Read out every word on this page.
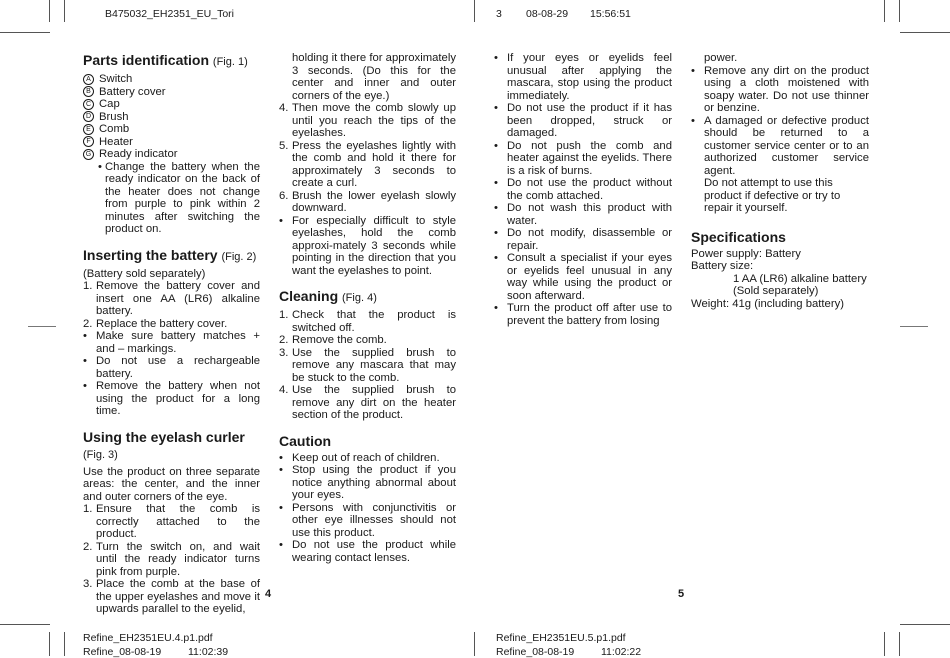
B475032_EH2351_EU_Tori	3 08-08-29 15:56:51
Parts identification (Fig. 1)
A Switch
B Battery cover
C Cap
D Brush
E Comb
F Heater
G Ready indicator

• Change the battery when the ready indicator on the back of the heater does not change from purple to pink within 2 minutes after switching the product on.

Inserting the battery (Fig. 2)

(Battery sold separately)

1. Remove the battery cover and insert one AA (LR6) alkaline battery.

2. Replace the battery cover.

• Make sure battery matches + and – markings.

• Do not use a rechargeable battery.

• Remove the battery when not using the product for a long time.

Using the eyelash curler
(Fig. 3)

Use the product on three separate areas: the center, and the inner and outer corners of the eye.

1. Ensure that the comb is correctly attached to the product.

2. Turn the switch on, and wait until the ready indicator turns pink from purple.

3. Place the comb at the base of the upper eyelashes and move it upwards parallel to the eyelid,

holding it there for approximately 3 seconds. (Do this for the center and inner and outer corners of the eye.)

4. Then move the comb slowly up until you reach the tips of the eyelashes.

5. Press the eyelashes lightly with the comb and hold it there for approximately 3 seconds to create a curl.

6. Brush the lower eyelash slowly downward.

• For especially difficult to style eyelashes, hold the comb approxi-mately 3 seconds while pointing in the direction that you want the eyelashes to point.

Cleaning (Fig. 4)

1. Check that the product is switched off.

2. Remove the comb.

3. Use the supplied brush to remove any mascara that may be stuck to the comb.

4. Use the supplied brush to remove any dirt on the heater section of the product.

Caution

• Keep out of reach of children.

• Stop using the product if you notice anything abnormal about your eyes.

• Persons with conjunctivitis or other eye illnesses should not use this product.

• Do not use the product while wearing contact lenses.

• If your eyes or eyelids feel unusual after applying the mascara, stop using the product immediately.

• Do not use the product if it has been dropped, struck or damaged.

• Do not push the comb and heater against the eyelids. There is a risk of burns.

• Do not use the product without the comb attached.

• Do not wash this product with water.

• Do not modify, disassemble or repair.

• Consult a specialist if your eyes or eyelids feel unusual in any way while using the product or soon afterward.

• Turn the product off after use to prevent the battery from losing

power.

• Remove any dirt on the product using a cloth moistened with soapy water. Do not use thinner or benzine.

• A damaged or defective product should be returned to a customer service center or to an authorized customer service agent.

Do not attempt to use this product if defective or try to repair it yourself.

Specifications

Power supply: Battery

Battery size:

1 AA (LR6) alkaline battery

(Sold separately)

Weight: 41g (including battery)

4	5
Refine_EH2351EU.4.p1.pdf
Refine_08-08-19	11:02:39
Refine_EH2351EU.5.p1.pdf
Refine_08-08-19	11:02:22
